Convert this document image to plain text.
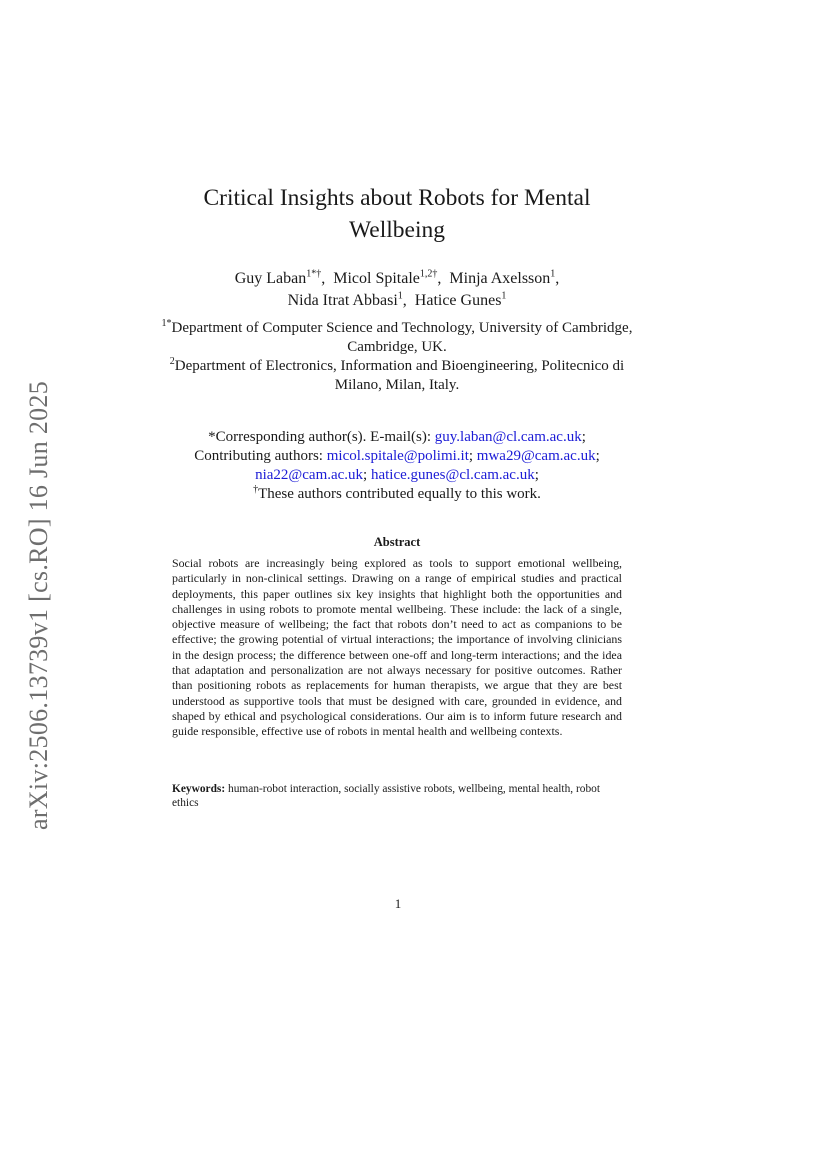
arXiv:2506.13739v1 [cs.RO] 16 Jun 2025
Critical Insights about Robots for Mental Wellbeing
Guy Laban$^{1*\dagger}$,  Micol Spitale$^{1,2\dagger}$,  Minja Axelsson$^1$,
Nida Itrat Abbasi$^1$,  Hatice Gunes$^1$
$^{1*}$Department of Computer Science and Technology, University of Cambridge, Cambridge, UK.
$^2$Department of Electronics, Information and Bioengineering, Politecnico di Milano, Milan, Italy.
*Corresponding author(s). E-mail(s): guy.laban@cl.cam.ac.uk;
Contributing authors: micol.spitale@polimi.it; mwa29@cam.ac.uk; nia22@cam.ac.uk; hatice.gunes@cl.cam.ac.uk;
†These authors contributed equally to this work.
Abstract
Social robots are increasingly being explored as tools to support emotional wellbeing, particularly in non-clinical settings. Drawing on a range of empirical studies and practical deployments, this paper outlines six key insights that highlight both the opportunities and challenges in using robots to promote mental wellbeing. These include: the lack of a single, objective measure of wellbeing; the fact that robots don’t need to act as companions to be effective; the growing potential of virtual interactions; the importance of involving clinicians in the design process; the difference between one-off and long-term interactions; and the idea that adaptation and personalization are not always necessary for positive outcomes. Rather than positioning robots as replacements for human therapists, we argue that they are best understood as supportive tools that must be designed with care, grounded in evidence, and shaped by ethical and psychological considerations. Our aim is to inform future research and guide responsible, effective use of robots in mental health and wellbeing contexts.
Keywords: human-robot interaction, socially assistive robots, wellbeing, mental health, robot ethics
1
